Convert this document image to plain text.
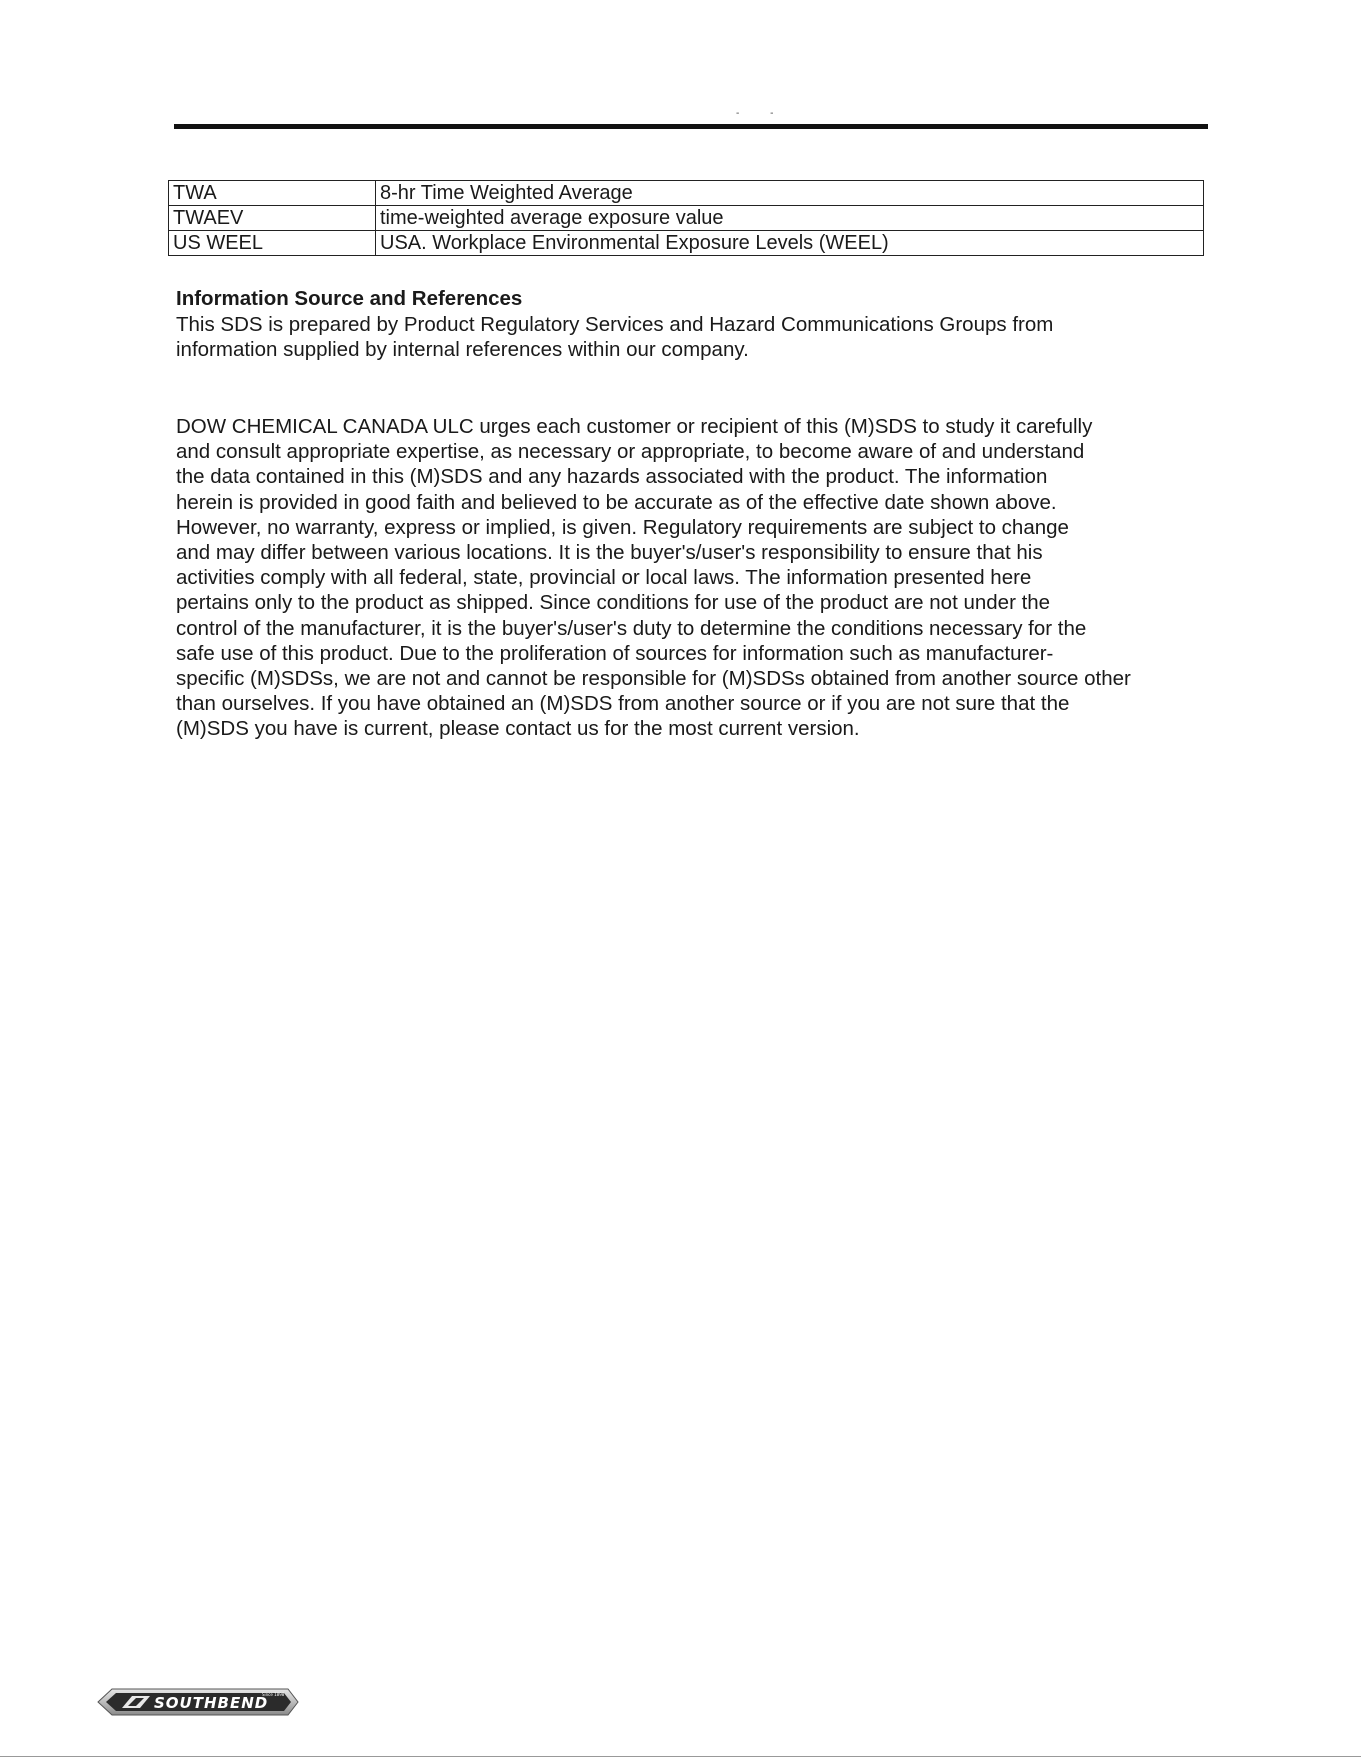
- -
TWA	8-hr Time Weighted Average
TWAEV	time-weighted average exposure value
US WEEL	USA. Workplace Environmental Exposure Levels (WEEL)
Information Source and References

This SDS is prepared by Product Regulatory Services and Hazard Communications Groups from
information supplied by internal references within our company.

DOW CHEMICAL CANADA ULC urges each customer or recipient of this (M)SDS to study it carefully
and consult appropriate expertise, as necessary or appropriate, to become aware of and understand
the data contained in this (M)SDS and any hazards associated with the product. The information
herein is provided in good faith and believed to be accurate as of the effective date shown above.
However, no warranty, express or implied, is given. Regulatory requirements are subject to change
and may differ between various locations. It is the buyer's/user's responsibility to ensure that his
activities comply with all federal, state, provincial or local laws. The information presented here
pertains only to the product as shipped. Since conditions for use of the product are not under the
control of the manufacturer, it is the buyer's/user's duty to determine the conditions necessary for the
safe use of this product. Due to the proliferation of sources for information such as manufacturer-
specific (M)SDSs, we are not and cannot be responsible for (M)SDSs obtained from another source other
than ourselves. If you have obtained an (M)SDS from another source or if you are not sure that the
(M)SDS you have is current, please contact us for the most current version.

SOUTHBEND
Since 1898
